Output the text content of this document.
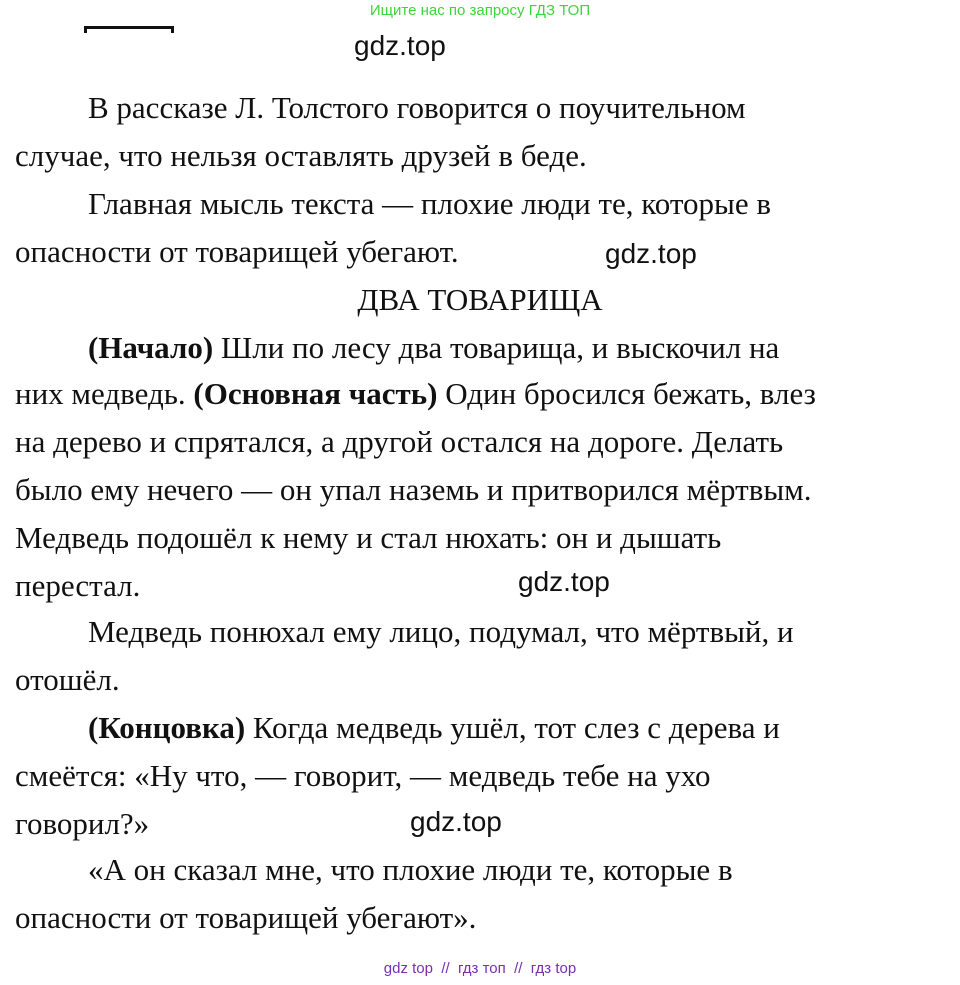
Ищите нас по запросу ГДЗ ТОП
gdz.top
В рассказе Л. Толстого говорится о поучительном
случае, что нельзя оставлять друзей в беде.
Главная мысль текста — плохие люди те, которые в
опасности от товарищей убегают.	gdz.top
ДВА ТОВАРИЩА
(Начало) Шли по лесу два товарища, и выскочил на
них медведь. (Основная часть) Один бросился бежать, влез
на дерево и спрятался, а другой остался на дороге. Делать
было ему нечего — он упал наземь и притворился мёртвым.
Медведь подошёл к нему и стал нюхать: он и дышать
перестал.	gdz.top
Медведь понюхал ему лицо, подумал, что мёртвый, и
отошёл.
(Концовка) Когда медведь ушёл, тот слез с дерева и
смеётся: «Ну что, — говорит, — медведь тебе на ухо
говорил?»	gdz.top
«А он сказал мне, что плохие люди те, которые в
опасности от товарищей убегают».
gdz top  //  гдз топ  //  гдз top
